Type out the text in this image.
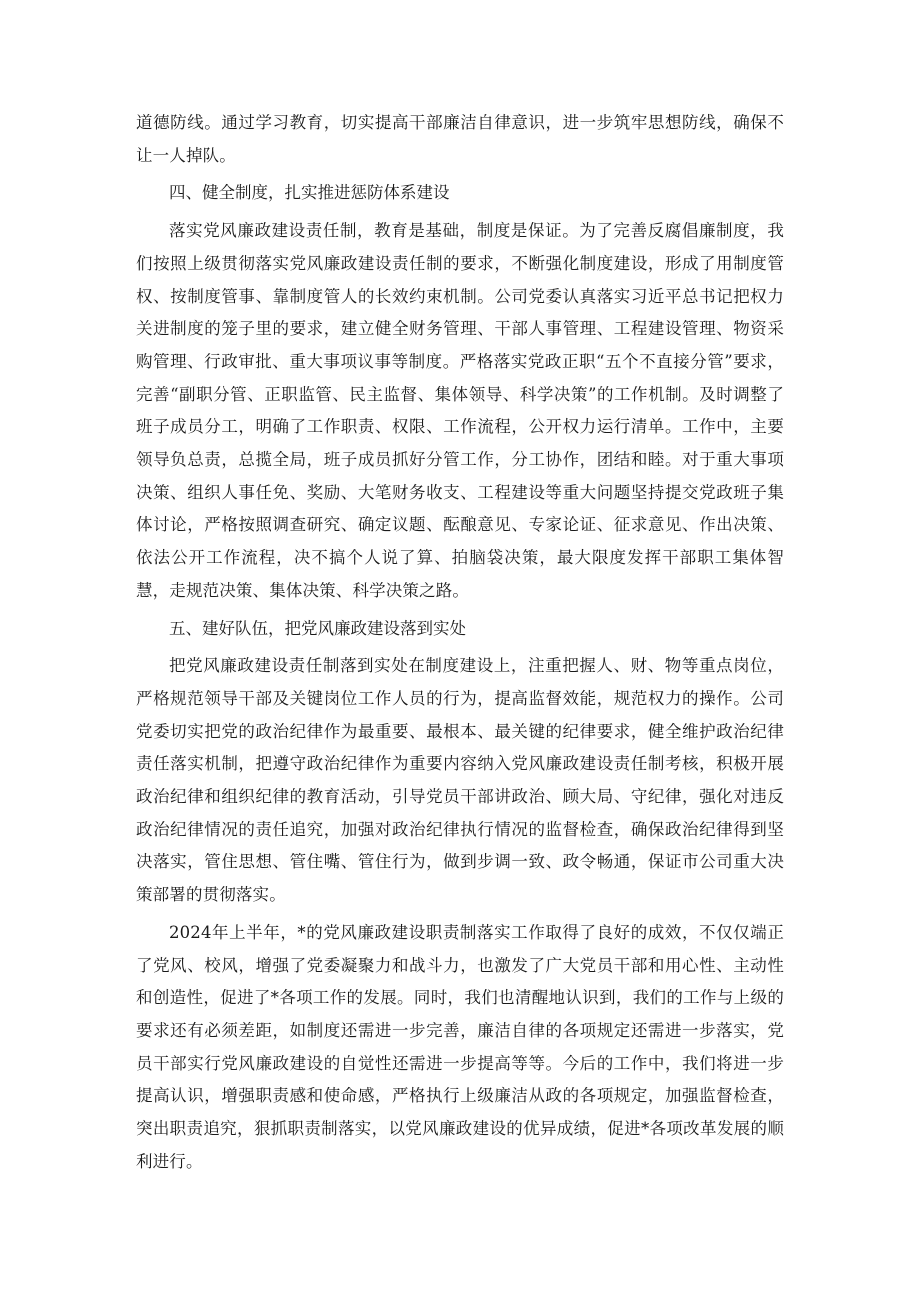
道德防线。通过学习教育，切实提高干部廉洁自律意识，进一步筑牢思想防线，确保不让一人掉队。

四、健全制度，扎实推进惩防体系建设

落实党风廉政建设责任制，教育是基础，制度是保证。为了完善反腐倡廉制度，我们按照上级贯彻落实党风廉政建设责任制的要求，不断强化制度建设，形成了用制度管权、按制度管事、靠制度管人的长效约束机制。公司党委认真落实习近平总书记把权力关进制度的笼子里的要求，建立健全财务管理、干部人事管理、工程建设管理、物资采购管理、行政审批、重大事项议事等制度。严格落实党政正职“五个不直接分管”要求，完善“副职分管、正职监管、民主监督、集体领导、科学决策”的工作机制。及时调整了班子成员分工，明确了工作职责、权限、工作流程，公开权力运行清单。工作中，主要领导负总责，总揽全局，班子成员抓好分管工作，分工协作，团结和睦。对于重大事项决策、组织人事任免、奖励、大笔财务收支、工程建设等重大问题坚持提交党政班子集体讨论，严格按照调查研究、确定议题、酝酿意见、专家论证、征求意见、作出决策、依法公开工作流程，决不搞个人说了算、拍脑袋决策，最大限度发挥干部职工集体智慧，走规范决策、集体决策、科学决策之路。

五、建好队伍，把党风廉政建设落到实处

把党风廉政建设责任制落到实处在制度建设上，注重把握人、财、物等重点岗位，严格规范领导干部及关键岗位工作人员的行为，提高监督效能，规范权力的操作。公司党委切实把党的政治纪律作为最重要、最根本、最关键的纪律要求，健全维护政治纪律责任落实机制，把遵守政治纪律作为重要内容纳入党风廉政建设责任制考核，积极开展政治纪律和组织纪律的教育活动，引导党员干部讲政治、顾大局、守纪律，强化对违反政治纪律情况的责任追究，加强对政治纪律执行情况的监督检查，确保政治纪律得到坚决落实，管住思想、管住嘴、管住行为，做到步调一致、政令畅通，保证市公司重大决策部署的贯彻落实。

2024年上半年，*的党风廉政建设职责制落实工作取得了良好的成效，不仅仅端正了党风、校风，增强了党委凝聚力和战斗力，也激发了广大党员干部和用心性、主动性和创造性，促进了*各项工作的发展。同时，我们也清醒地认识到，我们的工作与上级的要求还有必须差距，如制度还需进一步完善，廉洁自律的各项规定还需进一步落实，党员干部实行党风廉政建设的自觉性还需进一步提高等等。今后的工作中，我们将进一步提高认识，增强职责感和使命感，严格执行上级廉洁从政的各项规定，加强监督检查，突出职责追究，狠抓职责制落实，以党风廉政建设的优异成绩，促进*各项改革发展的顺利进行。
